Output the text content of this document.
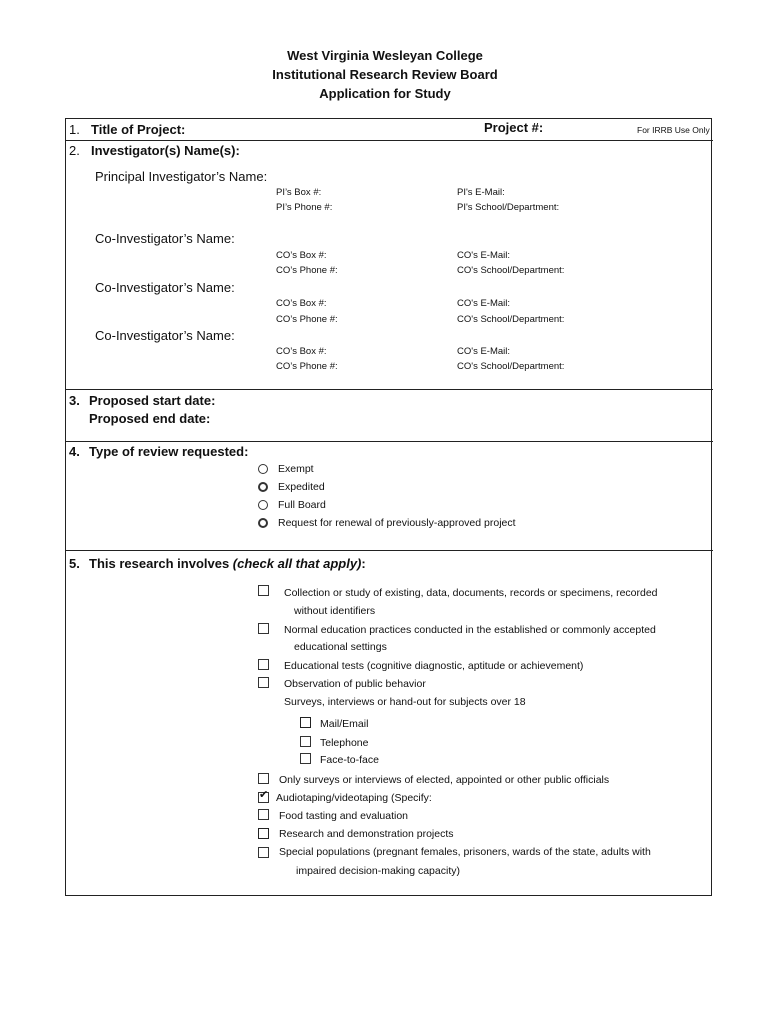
West Virginia Wesleyan College
Institutional Research Review Board
Application for Study
1. Title of Project:	Project #:	For IRRB Use Only
2. Investigator(s) Name(s):
Principal Investigator’s Name:
PI’s Box #:
PI’s Phone #:
PI's E-Mail:
PI's School/Department:
Co-Investigator’s Name:
CO’s Box #:
CO’s Phone #:
CO's E-Mail:
CO's School/Department:
Co-Investigator’s Name:
CO’s Box #:
CO’s Phone #:
CO's E-Mail:
CO's School/Department:
Co-Investigator’s Name:
CO’s Box #:
CO’s Phone #:
CO's E-Mail:
CO's School/Department:
3. Proposed start date:
Proposed end date:
4. Type of review requested:
Exempt
Expedited
Full Board
Request for renewal of previously-approved project
5. This research involves (check all that apply):
Collection or study of existing, data, documents, records or specimens, recorded
without identifiers
Normal education practices conducted in the established or commonly accepted
educational settings
Educational tests (cognitive diagnostic, aptitude or achievement)
Observation of public behavior
Surveys, interviews or hand-out for subjects over 18
Mail/Email
Telephone
Face-to-face
Only surveys or interviews of elected, appointed or other public officials
✔ Audiotaping/videotaping (Specify:
Food tasting and evaluation
Research and demonstration projects
Special populations (pregnant females, prisoners, wards of the state, adults with
impaired decision-making capacity)
